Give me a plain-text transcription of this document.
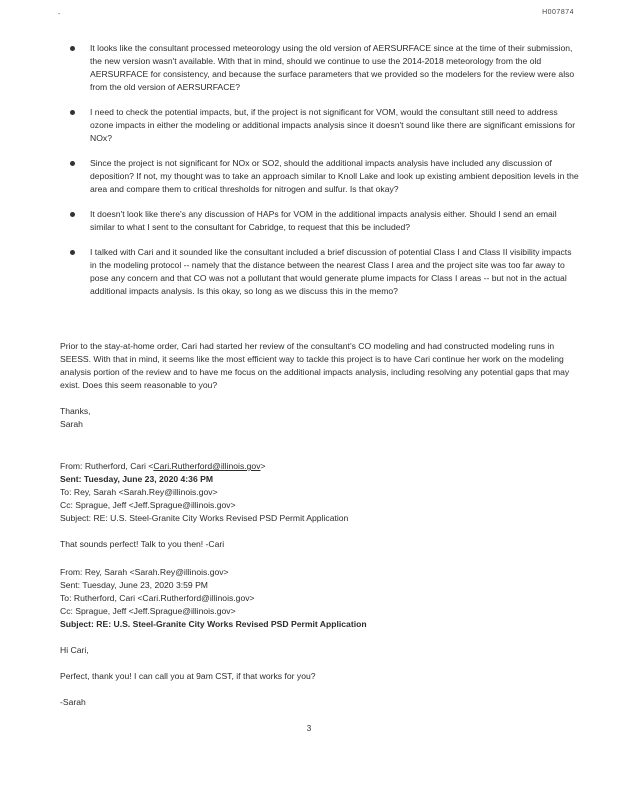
-	H007874
It looks like the consultant processed meteorology using the old version of AERSURFACE since at the time of their submission, the new version wasn't available. With that in mind, should we continue to use the 2014-2018 meteorology from the old AERSURFACE for consistency, and because the surface parameters that we provided so the modelers for the review were also from the old version of AERSURFACE?
I need to check the potential impacts, but, if the project is not significant for VOM, would the consultant still need to address ozone impacts in either the modeling or additional impacts analysis since it doesn't sound like there are significant emissions for NOx?
Since the project is not significant for NOx or SO2, should the additional impacts analysis have included any discussion of deposition? If not, my thought was to take an approach similar to Knoll Lake and look up existing ambient deposition levels in the area and compare them to critical thresholds for nitrogen and sulfur. Is that okay?
It doesn't look like there's any discussion of HAPs for VOM in the additional impacts analysis either. Should I send an email similar to what I sent to the consultant for Cabridge, to request that this be included?
I talked with Cari and it sounded like the consultant included a brief discussion of potential Class I and Class II visibility impacts in the modeling protocol -- namely that the distance between the nearest Class I area and the project site was too far away to pose any concern and that CO was not a pollutant that would generate plume impacts for Class I areas -- but not in the actual additional impacts analysis. Is this okay, so long as we discuss this in the memo?

Prior to the stay-at-home order, Cari had started her review of the consultant's CO modeling and had constructed modeling runs in SEESS. With that in mind, it seems like the most efficient way to tackle this project is to have Cari continue her work on the modeling analysis portion of the review and to have me focus on the additional impacts analysis, including resolving any potential gaps that may exist. Does this seem reasonable to you?

Thanks,
Sarah
From: Rutherford, Cari <Cari.Rutherford@illinois.gov>
Sent: Tuesday, June 23, 2020 4:36 PM
To: Rey, Sarah <Sarah.Rey@illinois.gov>
Cc: Sprague, Jeff <Jeff.Sprague@illinois.gov>
Subject: RE: U.S. Steel-Granite City Works Revised PSD Permit Application

That sounds perfect! Talk to you then! -Cari

From: Rey, Sarah <Sarah.Rey@illinois.gov>
Sent: Tuesday, June 23, 2020 3:59 PM
To: Rutherford, Cari <Cari.Rutherford@illinois.gov>
Cc: Sprague, Jeff <Jeff.Sprague@illinois.gov>
Subject: RE: U.S. Steel-Granite City Works Revised PSD Permit Application
Hi Cari,
Perfect, thank you! I can call you at 9am CST, if that works for you?
-Sarah
3
